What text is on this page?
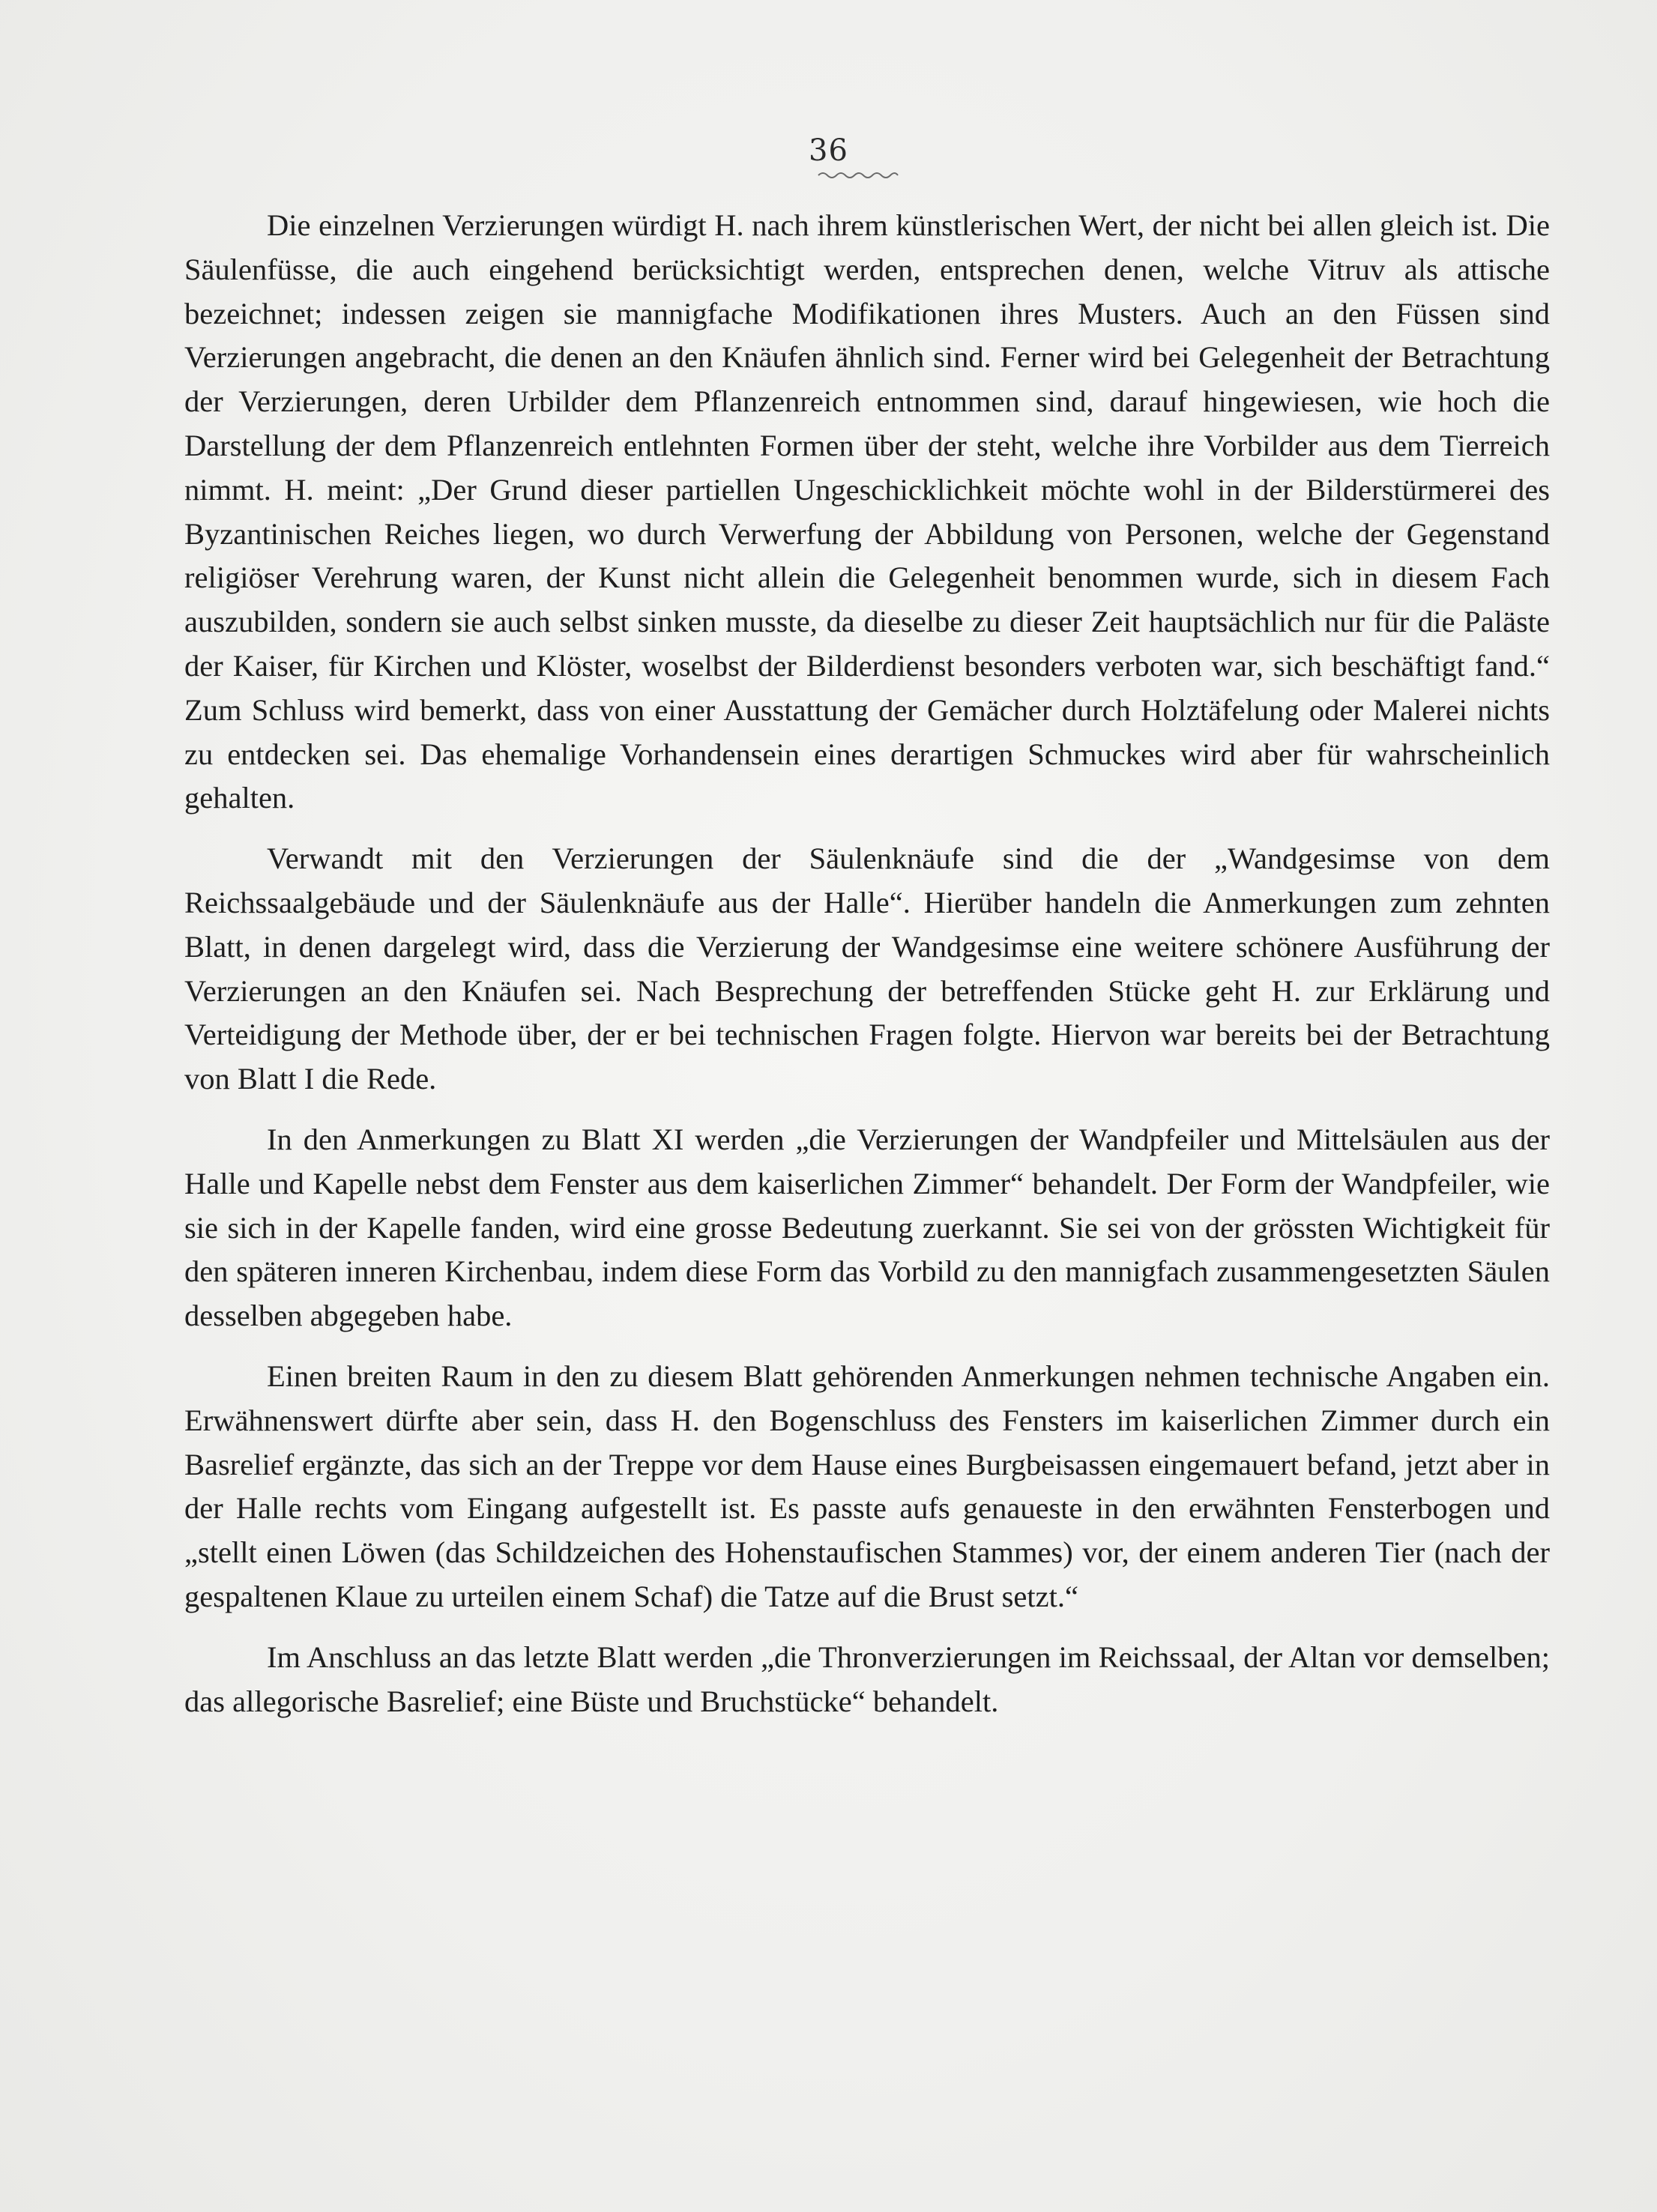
36

Die einzelnen Verzierungen würdigt H. nach ihrem künstlerischen Wert, der nicht bei allen gleich ist. Die Säulenfüsse, die auch eingehend berücksichtigt werden, entsprechen denen, welche Vitruv als attische bezeichnet; indessen zeigen sie mannigfache Modifikationen ihres Musters. Auch an den Füssen sind Verzierungen angebracht, die denen an den Knäufen ähnlich sind. Ferner wird bei Gelegenheit der Betrachtung der Verzierungen, deren Urbilder dem Pflanzenreich entnommen sind, darauf hingewiesen, wie hoch die Darstellung der dem Pflanzenreich entlehnten Formen über der steht, welche ihre Vorbilder aus dem Tierreich nimmt. H. meint: „Der Grund dieser partiellen Ungeschicklichkeit möchte wohl in der Bilderstürmerei des Byzantinischen Reiches liegen, wo durch Verwerfung der Abbildung von Personen, welche der Gegenstand religiöser Verehrung waren, der Kunst nicht allein die Gelegenheit benommen wurde, sich in diesem Fach auszubilden, sondern sie auch selbst sinken musste, da dieselbe zu dieser Zeit hauptsächlich nur für die Paläste der Kaiser, für Kirchen und Klöster, woselbst der Bilderdienst besonders verboten war, sich beschäftigt fand.“ Zum Schluss wird bemerkt, dass von einer Ausstattung der Gemächer durch Holztäfelung oder Malerei nichts zu entdecken sei. Das ehemalige Vorhandensein eines derartigen Schmuckes wird aber für wahrscheinlich gehalten.

Verwandt mit den Verzierungen der Säulenknäufe sind die der „Wandgesimse von dem Reichssaalgebäude und der Säulenknäufe aus der Halle“. Hierüber handeln die Anmerkungen zum zehnten Blatt, in denen dargelegt wird, dass die Verzierung der Wandgesimse eine weitere schönere Ausführung der Verzierungen an den Knäufen sei. Nach Besprechung der betreffenden Stücke geht H. zur Erklärung und Verteidigung der Methode über, der er bei technischen Fragen folgte. Hiervon war bereits bei der Betrachtung von Blatt I die Rede.

In den Anmerkungen zu Blatt XI werden „die Verzierungen der Wandpfeiler und Mittelsäulen aus der Halle und Kapelle nebst dem Fenster aus dem kaiserlichen Zimmer“ behandelt. Der Form der Wandpfeiler, wie sie sich in der Kapelle fanden, wird eine grosse Bedeutung zuerkannt. Sie sei von der grössten Wichtigkeit für den späteren inneren Kirchenbau, indem diese Form das Vorbild zu den mannigfach zusammengesetzten Säulen desselben abgegeben habe.

Einen breiten Raum in den zu diesem Blatt gehörenden Anmerkungen nehmen technische Angaben ein. Erwähnenswert dürfte aber sein, dass H. den Bogenschluss des Fensters im kaiserlichen Zimmer durch ein Basrelief ergänzte, das sich an der Treppe vor dem Hause eines Burgbeisassen eingemauert befand, jetzt aber in der Halle rechts vom Eingang aufgestellt ist. Es passte aufs genaueste in den erwähnten Fensterbogen und „stellt einen Löwen (das Schildzeichen des Hohenstaufischen Stammes) vor, der einem anderen Tier (nach der gespaltenen Klaue zu urteilen einem Schaf) die Tatze auf die Brust setzt.“

Im Anschluss an das letzte Blatt werden „die Thronverzierungen im Reichssaal, der Altan vor demselben; das allegorische Basrelief; eine Büste und Bruchstücke“ behandelt.
